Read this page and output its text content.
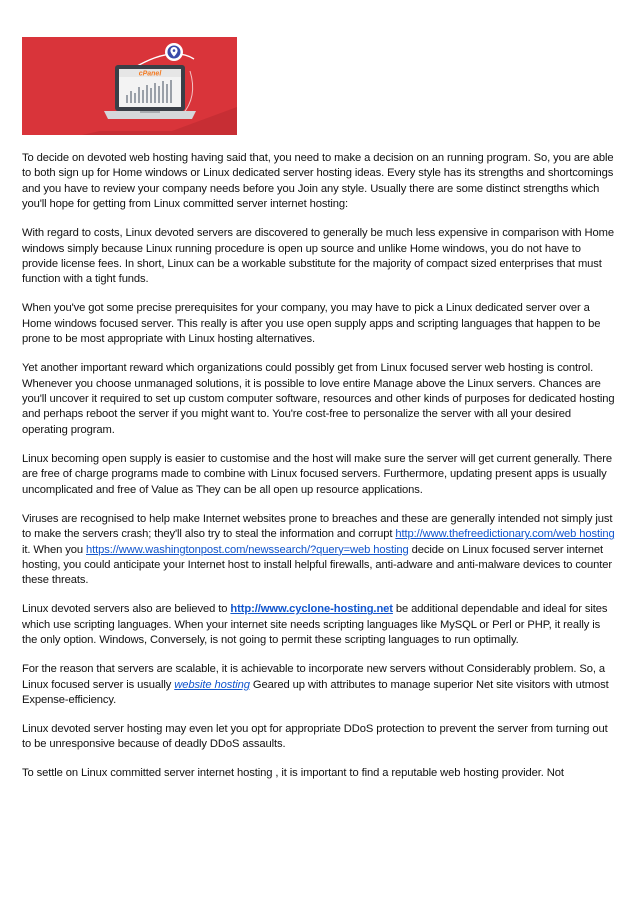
cPanel

To decide on devoted web hosting having said that, you need to make a decision on an running program. So, you are able to both sign up for Home windows or Linux dedicated server hosting ideas. Every style has its strengths and shortcomings and you have to review your company needs before you Join any style. Usually there are some distinct strengths which you'll hope for getting from Linux committed server internet hosting:

With regard to costs, Linux devoted servers are discovered to generally be much less expensive in comparison with Home windows simply because Linux running procedure is open up source and unlike Home windows, you do not have to provide license fees. In short, Linux can be a workable substitute for the majority of compact sized enterprises that must function with a tight funds.

When you've got some precise prerequisites for your company, you may have to pick a Linux dedicated server over a Home windows focused server. This really is after you use open supply apps and scripting languages that happen to be prone to be most appropriate with Linux hosting alternatives.

Yet another important reward which organizations could possibly get from Linux focused server web hosting is control. Whenever you choose unmanaged solutions, it is possible to love entire Manage above the Linux servers. Chances are you'll uncover it required to set up custom computer software, resources and other kinds of purposes for dedicated hosting and perhaps reboot the server if you might want to. You're cost-free to personalize the server with all your desired operating program.

Linux becoming open supply is easier to customise and the host will make sure the server will get current generally. There are free of charge programs made to combine with Linux focused servers. Furthermore, updating present apps is usually uncomplicated and free of Value as They can be all open up resource applications.

Viruses are recognised to help make Internet websites prone to breaches and these are generally intended not simply just to make the servers crash; they'll also try to steal the information and corrupt http://www.thefreedictionary.com/web hosting it. When you https://www.washingtonpost.com/newssearch/?query=web hosting decide on Linux focused server internet hosting, you could anticipate your Internet host to install helpful firewalls, anti-adware and anti-malware devices to counter these threats.

Linux devoted servers also are believed to http://www.cyclone-hosting.net be additional dependable and ideal for sites which use scripting languages. When your internet site needs scripting languages like MySQL or Perl or PHP, it really is the only option. Windows, Conversely, is not going to permit these scripting languages to run optimally.

For the reason that servers are scalable, it is achievable to incorporate new servers without Considerably problem. So, a Linux focused server is usually website hosting Geared up with attributes to manage superior Net site visitors with utmost Expense-efficiency.

Linux devoted server hosting may even let you opt for appropriate DDoS protection to prevent the server from turning out to be unresponsive because of deadly DDoS assaults.

To settle on Linux committed server internet hosting , it is important to find a reputable web hosting provider. Not
